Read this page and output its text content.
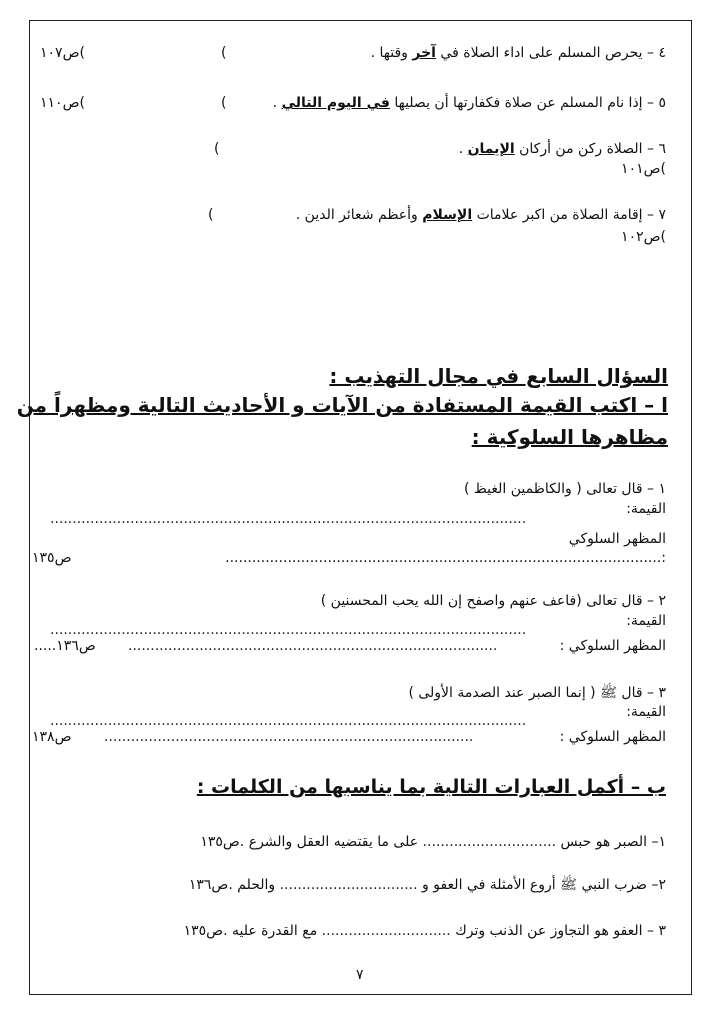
٤ – يحرص المسلم على اداء الصلاة في آخر وقتها .
(
)ص١٠٧
٥ – إذا نام المسلم عن صلاة فكفارتها أن يصليها في اليوم التالي .
(
)ص١١٠
٦ – الصلاة ركن من أركان الإيمان .
(
)ص١٠١
٧ – إقامة الصلاة من اكبر علامات الإسلام وأعظم شعائر الدين .
(
)ص١٠٢
السؤال السابع في مجال التهذيب :
ا – اكتب القيمة المستفادة من الآيات و الأحاديث التالية ومظهراً من
مظاهرها السلوكية :
١ – قال تعالى ( والكاظمين الغيظ )
القيمة:
...........................................................................................................
المظهر السلوكي
:..................................................................................................
ص١٣٥
٢ – قال تعالى (فاعف عنهم واصفح إن الله يحب المحسنين )
القيمة:
...........................................................................................................
المظهر السلوكي :
...................................................................................
ص١٣٦.....
٣ – قال ﷺ ( إنما الصبر عند الصدمة الأولى )
القيمة:
...........................................................................................................
المظهر السلوكي :
...................................................................................
ص١٣٨
ب – أكمل العبارات التالية بما يناسبها من الكلمات :
١– الصبر هو حبس .............................. على ما يقتضيه العقل والشرع .ص١٣٥
٢– ضرب النبي ﷺ أروع الأمثلة في العفو و ............................... والحلم .ص١٣٦
٣ – العفو هو التجاوز عن الذنب وترك ............................. مع القدرة عليه .ص١٣٥
٧
